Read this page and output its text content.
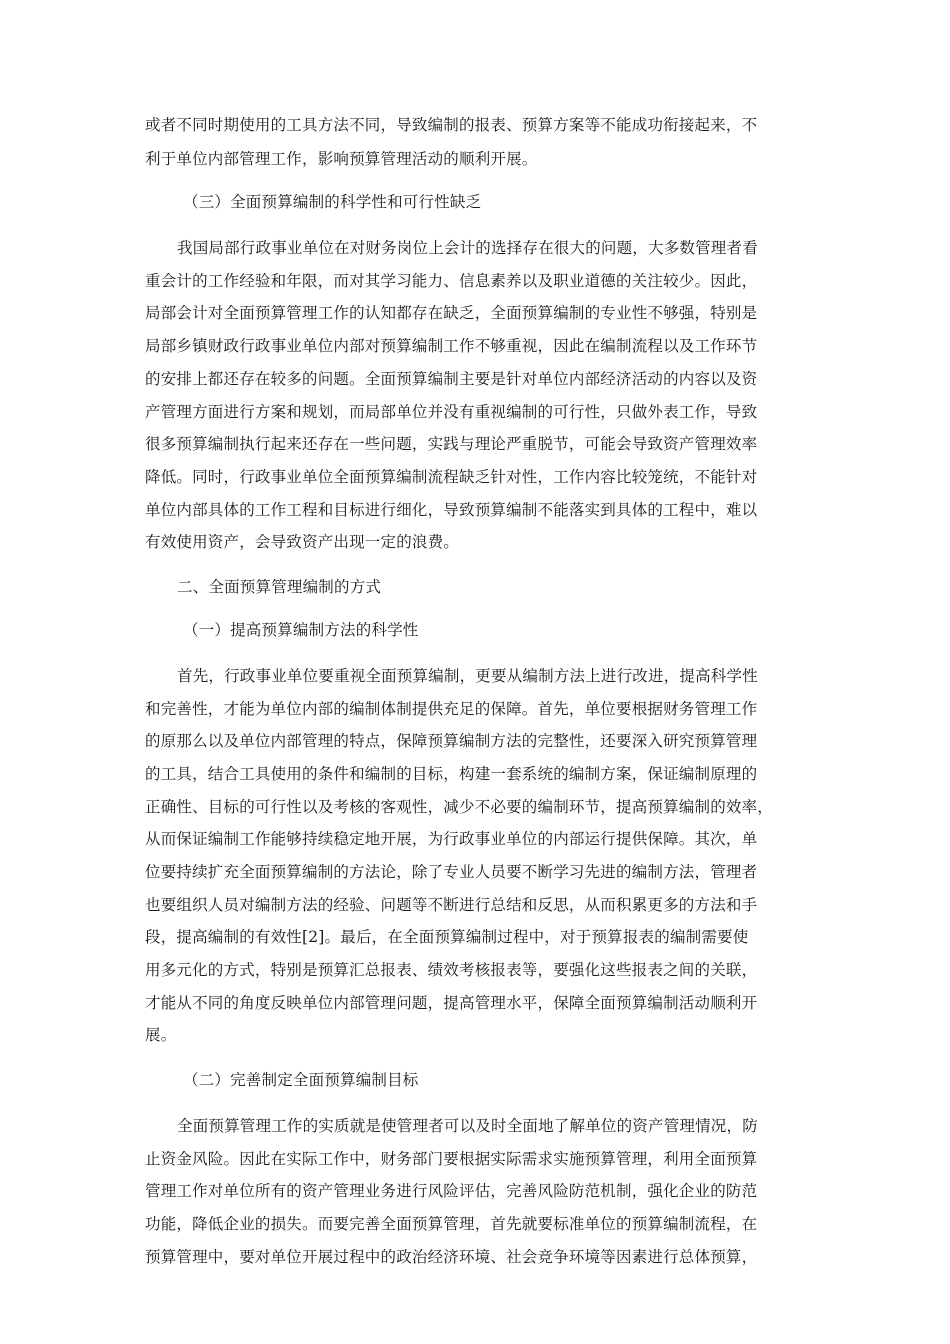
或者不同时期使用的工具方法不同，导致编制的报表、预算方案等不能成功衔接起来，不
利于单位内部管理工作，影响预算管理活动的顺利开展。
（三）全面预算编制的科学性和可行性缺乏
我国局部行政事业单位在对财务岗位上会计的选择存在很大的问题，大多数管理者看
重会计的工作经验和年限，而对其学习能力、信息素养以及职业道德的关注较少。因此，
局部会计对全面预算管理工作的认知都存在缺乏，全面预算编制的专业性不够强，特别是
局部乡镇财政行政事业单位内部对预算编制工作不够重视，因此在编制流程以及工作环节
的安排上都还存在较多的问题。全面预算编制主要是针对单位内部经济活动的内容以及资
产管理方面进行方案和规划，而局部单位并没有重视编制的可行性，只做外表工作，导致
很多预算编制执行起来还存在一些问题，实践与理论严重脱节，可能会导致资产管理效率
降低。同时，行政事业单位全面预算编制流程缺乏针对性，工作内容比较笼统，不能针对
单位内部具体的工作工程和目标进行细化，导致预算编制不能落实到具体的工程中，难以
有效使用资产，会导致资产出现一定的浪费。
二、全面预算管理编制的方式
（一）提高预算编制方法的科学性
首先，行政事业单位要重视全面预算编制，更要从编制方法上进行改进，提高科学性
和完善性，才能为单位内部的编制体制提供充足的保障。首先，单位要根据财务管理工作
的原那么以及单位内部管理的特点，保障预算编制方法的完整性，还要深入研究预算管理
的工具，结合工具使用的条件和编制的目标，构建一套系统的编制方案，保证编制原理的
正确性、目标的可行性以及考核的客观性，减少不必要的编制环节，提高预算编制的效率，
从而保证编制工作能够持续稳定地开展，为行政事业单位的内部运行提供保障。其次，单
位要持续扩充全面预算编制的方法论，除了专业人员要不断学习先进的编制方法，管理者
也要组织人员对编制方法的经验、问题等不断进行总结和反思，从而积累更多的方法和手
段，提高编制的有效性[2]。最后，在全面预算编制过程中，对于预算报表的编制需要使
用多元化的方式，特别是预算汇总报表、绩效考核报表等，要强化这些报表之间的关联，
才能从不同的角度反映单位内部管理问题，提高管理水平，保障全面预算编制活动顺利开
展。
（二）完善制定全面预算编制目标
全面预算管理工作的实质就是使管理者可以及时全面地了解单位的资产管理情况，防
止资金风险。因此在实际工作中，财务部门要根据实际需求实施预算管理，利用全面预算
管理工作对单位所有的资产管理业务进行风险评估，完善风险防范机制，强化企业的防范
功能，降低企业的损失。而要完善全面预算管理，首先就要标准单位的预算编制流程，在
预算管理中，要对单位开展过程中的政治经济环境、社会竞争环境等因素进行总体预算，
